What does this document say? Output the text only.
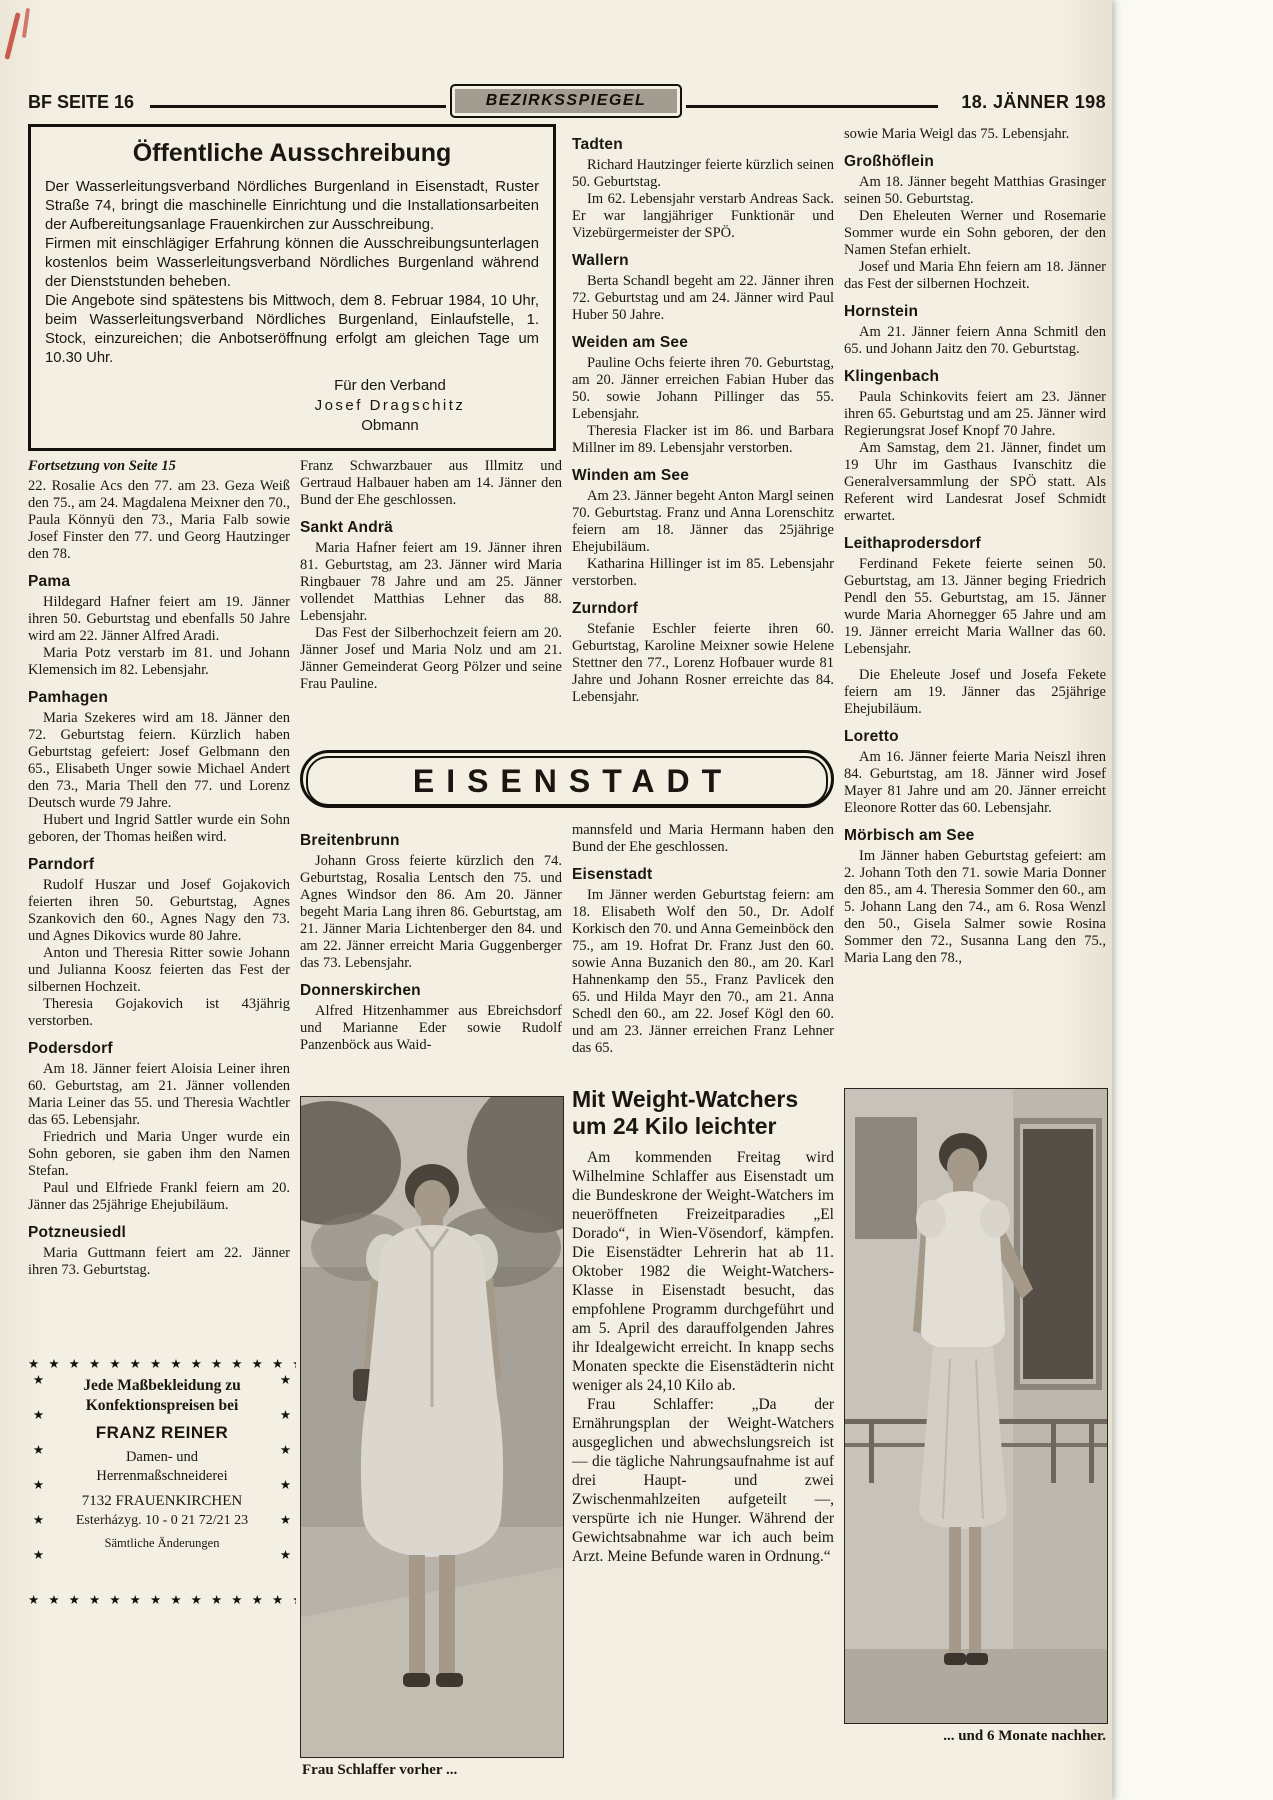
BF SEITE 16	BEZIRKSSPIEGEL	18. JÄNNER 198
Öffentliche Ausschreibung

Der Wasserleitungsverband Nördliches Burgenland in Eisenstadt, Ruster Straße 74, bringt die maschinelle Einrichtung und die Installationsarbeiten der Aufbereitungsanlage Frauenkirchen zur Ausschreibung.

Firmen mit einschlägiger Erfahrung können die Ausschreibungsunterlagen kostenlos beim Wasserleitungsverband Nördliches Burgenland während der Dienststunden beheben.

Die Angebote sind spätestens bis Mittwoch, dem 8. Februar 1984, 10 Uhr, beim Wasserleitungsverband Nördliches Burgenland, Einlaufstelle, 1. Stock, einzureichen; die Anbotseröffnung erfolgt am gleichen Tage um 10.30 Uhr.

Für den Verband
Josef Dragschitz
Obmann
Fortsetzung von Seite 15

22. Rosalie Acs den 77. am 23. Geza Weiß den 75., am 24. Magdalena Meixner den 70., Paula Könnyü den 73., Maria Falb sowie Josef Finster den 77. und Georg Hautzinger den 78.

Pama

Hildegard Hafner feiert am 19. Jänner ihren 50. Geburtstag und ebenfalls 50 Jahre wird am 22. Jänner Alfred Aradi.

Maria Potz verstarb im 81. und Johann Klemensich im 82. Lebensjahr.

Pamhagen

Maria Szekeres wird am 18. Jänner den 72. Geburtstag feiern. Kürzlich haben Geburtstag gefeiert: Josef Gelbmann den 65., Elisabeth Unger sowie Michael Andert den 73., Maria Thell den 77. und Lorenz Deutsch wurde 79 Jahre.

Hubert und Ingrid Sattler wurde ein Sohn geboren, der Thomas heißen wird.

Parndorf

Rudolf Huszar und Josef Gojakovich feierten ihren 50. Geburtstag, Agnes Szankovich den 60., Agnes Nagy den 73. und Agnes Dikovics wurde 80 Jahre.

Anton und Theresia Ritter sowie Johann und Julianna Koosz feierten das Fest der silbernen Hochzeit.

Theresia Gojakovich ist 43jährig verstorben.

Podersdorf

Am 18. Jänner feiert Aloisia Leiner ihren 60. Geburtstag, am 21. Jänner vollenden Maria Leiner das 55. und Theresia Wachtler das 65. Lebensjahr.

Friedrich und Maria Unger wurde ein Sohn geboren, sie gaben ihm den Namen Stefan.

Paul und Elfriede Frankl feiern am 20. Jänner das 25jährige Ehejubiläum.

Potzneusiedl

Maria Guttmann feiert am 22. Jänner ihren 73. Geburtstag.

Franz Schwarzbauer aus Illmitz und Gertraud Halbauer haben am 14. Jänner den Bund der Ehe geschlossen.

Sankt Andrä

Maria Hafner feiert am 19. Jänner ihren 81. Geburtstag, am 23. Jänner wird Maria Ringbauer 78 Jahre und am 25. Jänner vollendet Matthias Lehner das 88. Lebensjahr.

Das Fest der Silberhochzeit feiern am 20. Jänner Josef und Maria Nolz und am 21. Jänner Gemeinderat Georg Pölzer und seine Frau Pauline.

EISENSTADT
Breitenbrunn

Johann Gross feierte kürzlich den 74. Geburtstag, Rosalia Lentsch den 75. und Agnes Windsor den 86. Am 20. Jänner begeht Maria Lang ihren 86. Geburtstag, am 21. Jänner Maria Lichtenberger den 84. und am 22. Jänner erreicht Maria Guggenberger das 73. Lebensjahr.

Donnerskirchen

Alfred Hitzenhammer aus Ebreichsdorf und Marianne Eder sowie Rudolf Panzenböck aus Waid-

Tadten

Richard Hautzinger feierte kürzlich seinen 50. Geburtstag.

Im 62. Lebensjahr verstarb Andreas Sack. Er war langjähriger Funktionär und Vizebürgermeister der SPÖ.

Wallern

Berta Schandl begeht am 22. Jänner ihren 72. Geburtstag und am 24. Jänner wird Paul Huber 50 Jahre.

Weiden am See

Pauline Ochs feierte ihren 70. Geburtstag, am 20. Jänner erreichen Fabian Huber das 50. sowie Johann Pillinger das 55. Lebensjahr.

Theresia Flacker ist im 86. und Barbara Millner im 89. Lebensjahr verstorben.

Winden am See

Am 23. Jänner begeht Anton Margl seinen 70. Geburtstag. Franz und Anna Lorenschitz feiern am 18. Jänner das 25jährige Ehejubiläum.

Katharina Hillinger ist im 85. Lebensjahr verstorben.

Zurndorf

Stefanie Eschler feierte ihren 60. Geburtstag, Karoline Meixner sowie Helene Stettner den 77., Lorenz Hofbauer wurde 81 Jahre und Johann Rosner erreichte das 84. Lebensjahr.

mannsfeld und Maria Hermann haben den Bund der Ehe geschlossen.

Eisenstadt

Im Jänner werden Geburtstag feiern: am 18. Elisabeth Wolf den 50., Dr. Adolf Korkisch den 70. und Anna Gemeinböck den 75., am 19. Hofrat Dr. Franz Just den 60. sowie Anna Buzanich den 80., am 20. Karl Hahnenkamp den 55., Franz Pavlicek den 65. und Hilda Mayr den 70., am 21. Anna Schedl den 60., am 22. Josef Kögl den 60. und am 23. Jänner erreichen Franz Lehner das 65.

sowie Maria Weigl das 75. Lebensjahr.

Großhöflein

Am 18. Jänner begeht Matthias Grasinger seinen 50. Geburtstag.

Den Eheleuten Werner und Rosemarie Sommer wurde ein Sohn geboren, der den Namen Stefan erhielt.

Josef und Maria Ehn feiern am 18. Jänner das Fest der silbernen Hochzeit.

Hornstein

Am 21. Jänner feiern Anna Schmitl den 65. und Johann Jaitz den 70. Geburtstag.

Klingenbach

Paula Schinkovits feiert am 23. Jänner ihren 65. Geburtstag und am 25. Jänner wird Regierungsrat Josef Knopf 70 Jahre.

Am Samstag, dem 21. Jänner, findet um 19 Uhr im Gasthaus Ivanschitz die Generalversammlung der SPÖ statt. Als Referent wird Landesrat Josef Schmidt erwartet.

Leithaprodersdorf

Ferdinand Fekete feierte seinen 50. Geburtstag, am 13. Jänner beging Friedrich Pendl den 55. Geburtstag, am 15. Jänner wurde Maria Ahornegger 65 Jahre und am 19. Jänner erreicht Maria Wallner das 60. Lebensjahr.

Die Eheleute Josef und Josefa Fekete feiern am 19. Jänner das 25jährige Ehejubiläum.

Loretto

Am 16. Jänner feierte Maria Neiszl ihren 84. Geburtstag, am 18. Jänner wird Josef Mayer 81 Jahre und am 20. Jänner erreicht Eleonore Rotter das 60. Lebensjahr.

Mörbisch am See

Im Jänner haben Geburtstag gefeiert: am 2. Johann Toth den 71. sowie Maria Donner den 85., am 4. Theresia Sommer den 60., am 5. Johann Lang den 74., am 6. Rosa Wenzl den 50., Gisela Salmer sowie Rosina Sommer den 72., Susanna Lang den 75., Maria Lang den 78.,

Mit Weight-Watchers
um 24 Kilo leichter

Am kommenden Freitag wird Wilhelmine Schlaffer aus Eisenstadt um die Bundeskrone der Weight-Watchers im neueröffneten Freizeitparadies „El Dorado“, in Wien-Vösendorf, kämpfen. Die Eisenstädter Lehrerin hat ab 11. Oktober 1982 die Weight-Watchers-Klasse in Eisenstadt besucht, das empfohlene Programm durchgeführt und am 5. April des darauffolgenden Jahres ihr Idealgewicht erreicht. In knapp sechs Monaten speckte die Eisenstädterin nicht weniger als 24,10 Kilo ab.

Frau Schlaffer: „Da der Ernährungsplan der Weight-Watchers ausgeglichen und abwechslungsreich ist — die tägliche Nahrungsaufnahme ist auf drei Haupt- und zwei Zwischenmahlzeiten aufgeteilt —, verspürte ich nie Hunger. Während der Gewichtsabnahme war ich auch beim Arzt. Meine Befunde waren in Ordnung.“

Frau Schlaffer vorher ...
... und 6 Monate nachher.
★ ★ ★ ★ ★ ★ ★ ★ ★ ★ ★ ★ ★ ★
★ ★ ★ ★ ★ ★ ★ ★ ★ ★ ★ ★ ★ ★
★ ★ ★ ★ ★ ★ ★ ★ ★
★ ★ ★ ★ ★ ★ ★ ★ ★
Jede Maßbekleidung zu
Konfektionspreisen bei
FRANZ REINER
Damen- und
Herrenmaßschneiderei
7132 FRAUENKIRCHEN
Esterházyg. 10 - 0 21 72/21 23
Sämtliche Änderungen
